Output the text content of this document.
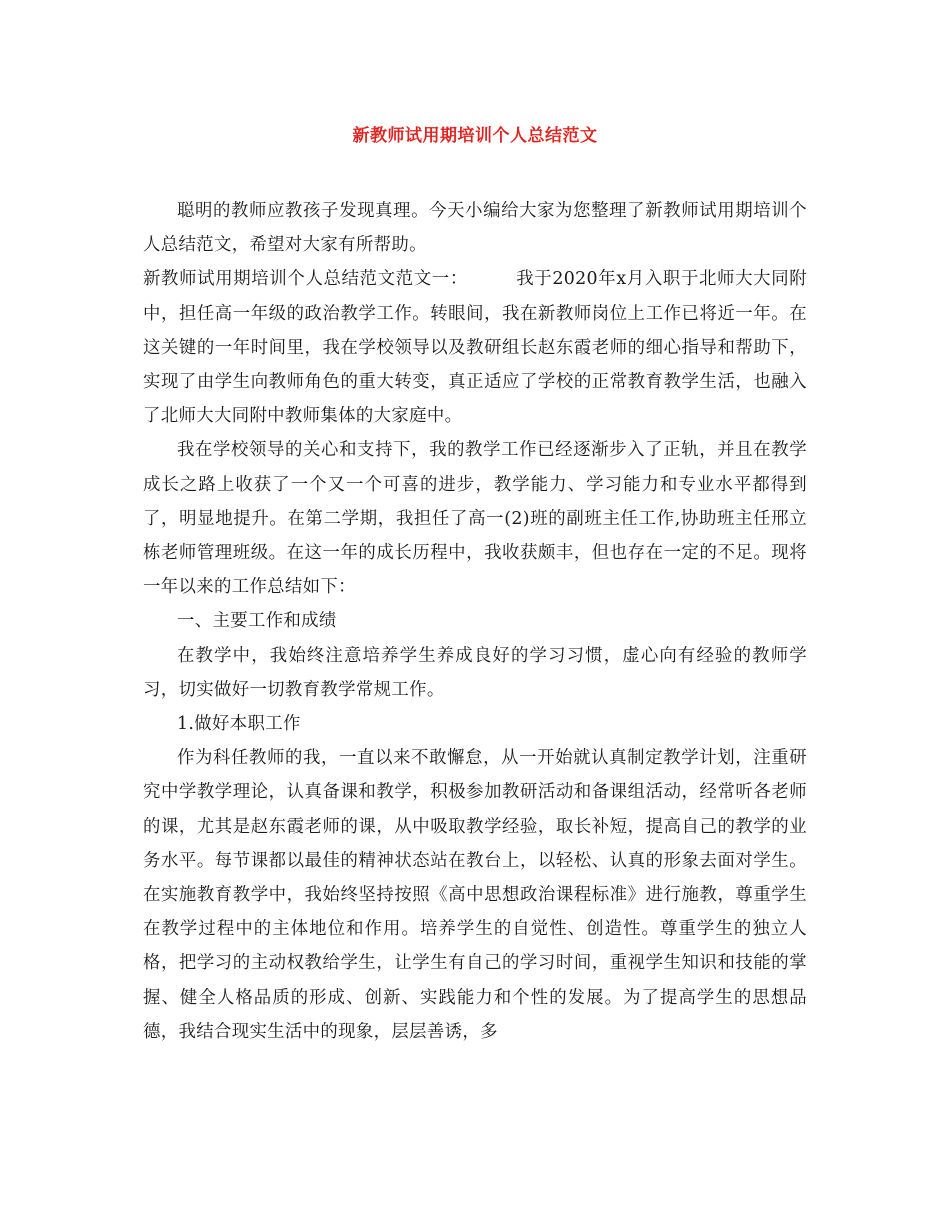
新教师试用期培训个人总结范文

聪明的教师应教孩子发现真理。今天小编给大家为您整理了新教师试用期培训个人总结范文，希望对大家有所帮助。

新教师试用期培训个人总结范文范文一：	我于2020年x月入职于北师大大同附中，担任高一年级的政治教学工作。转眼间，我在新教师岗位上工作已将近一年。在这关键的一年时间里，我在学校领导以及教研组长赵东霞老师的细心指导和帮助下，实现了由学生向教师角色的重大转变，真正适应了学校的正常教育教学生活，也融入了北师大大同附中教师集体的大家庭中。

我在学校领导的关心和支持下，我的教学工作已经逐渐步入了正轨，并且在教学成长之路上收获了一个又一个可喜的进步，教学能力、学习能力和专业水平都得到了，明显地提升。在第二学期，我担任了高一(2)班的副班主任工作,协助班主任邢立栋老师管理班级。在这一年的成长历程中，我收获颇丰，但也存在一定的不足。现将一年以来的工作总结如下：

一、主要工作和成绩

在教学中，我始终注意培养学生养成良好的学习习惯，虚心向有经验的教师学习，切实做好一切教育教学常规工作。

1.做好本职工作

作为科任教师的我，一直以来不敢懈怠，从一开始就认真制定教学计划，注重研究中学教学理论，认真备课和教学，积极参加教研活动和备课组活动，经常听各老师的课，尤其是赵东霞老师的课，从中吸取教学经验，取长补短，提高自己的教学的业务水平。每节课都以最佳的精神状态站在教台上，以轻松、认真的形象去面对学生。在实施教育教学中，我始终坚持按照《高中思想政治课程标准》进行施教，尊重学生在教学过程中的主体地位和作用。培养学生的自觉性、创造性。尊重学生的独立人格，把学习的主动权教给学生，让学生有自己的学习时间，重视学生知识和技能的掌握、健全人格品质的形成、创新、实践能力和个性的发展。为了提高学生的思想品德，我结合现实生活中的现象，层层善诱，多
